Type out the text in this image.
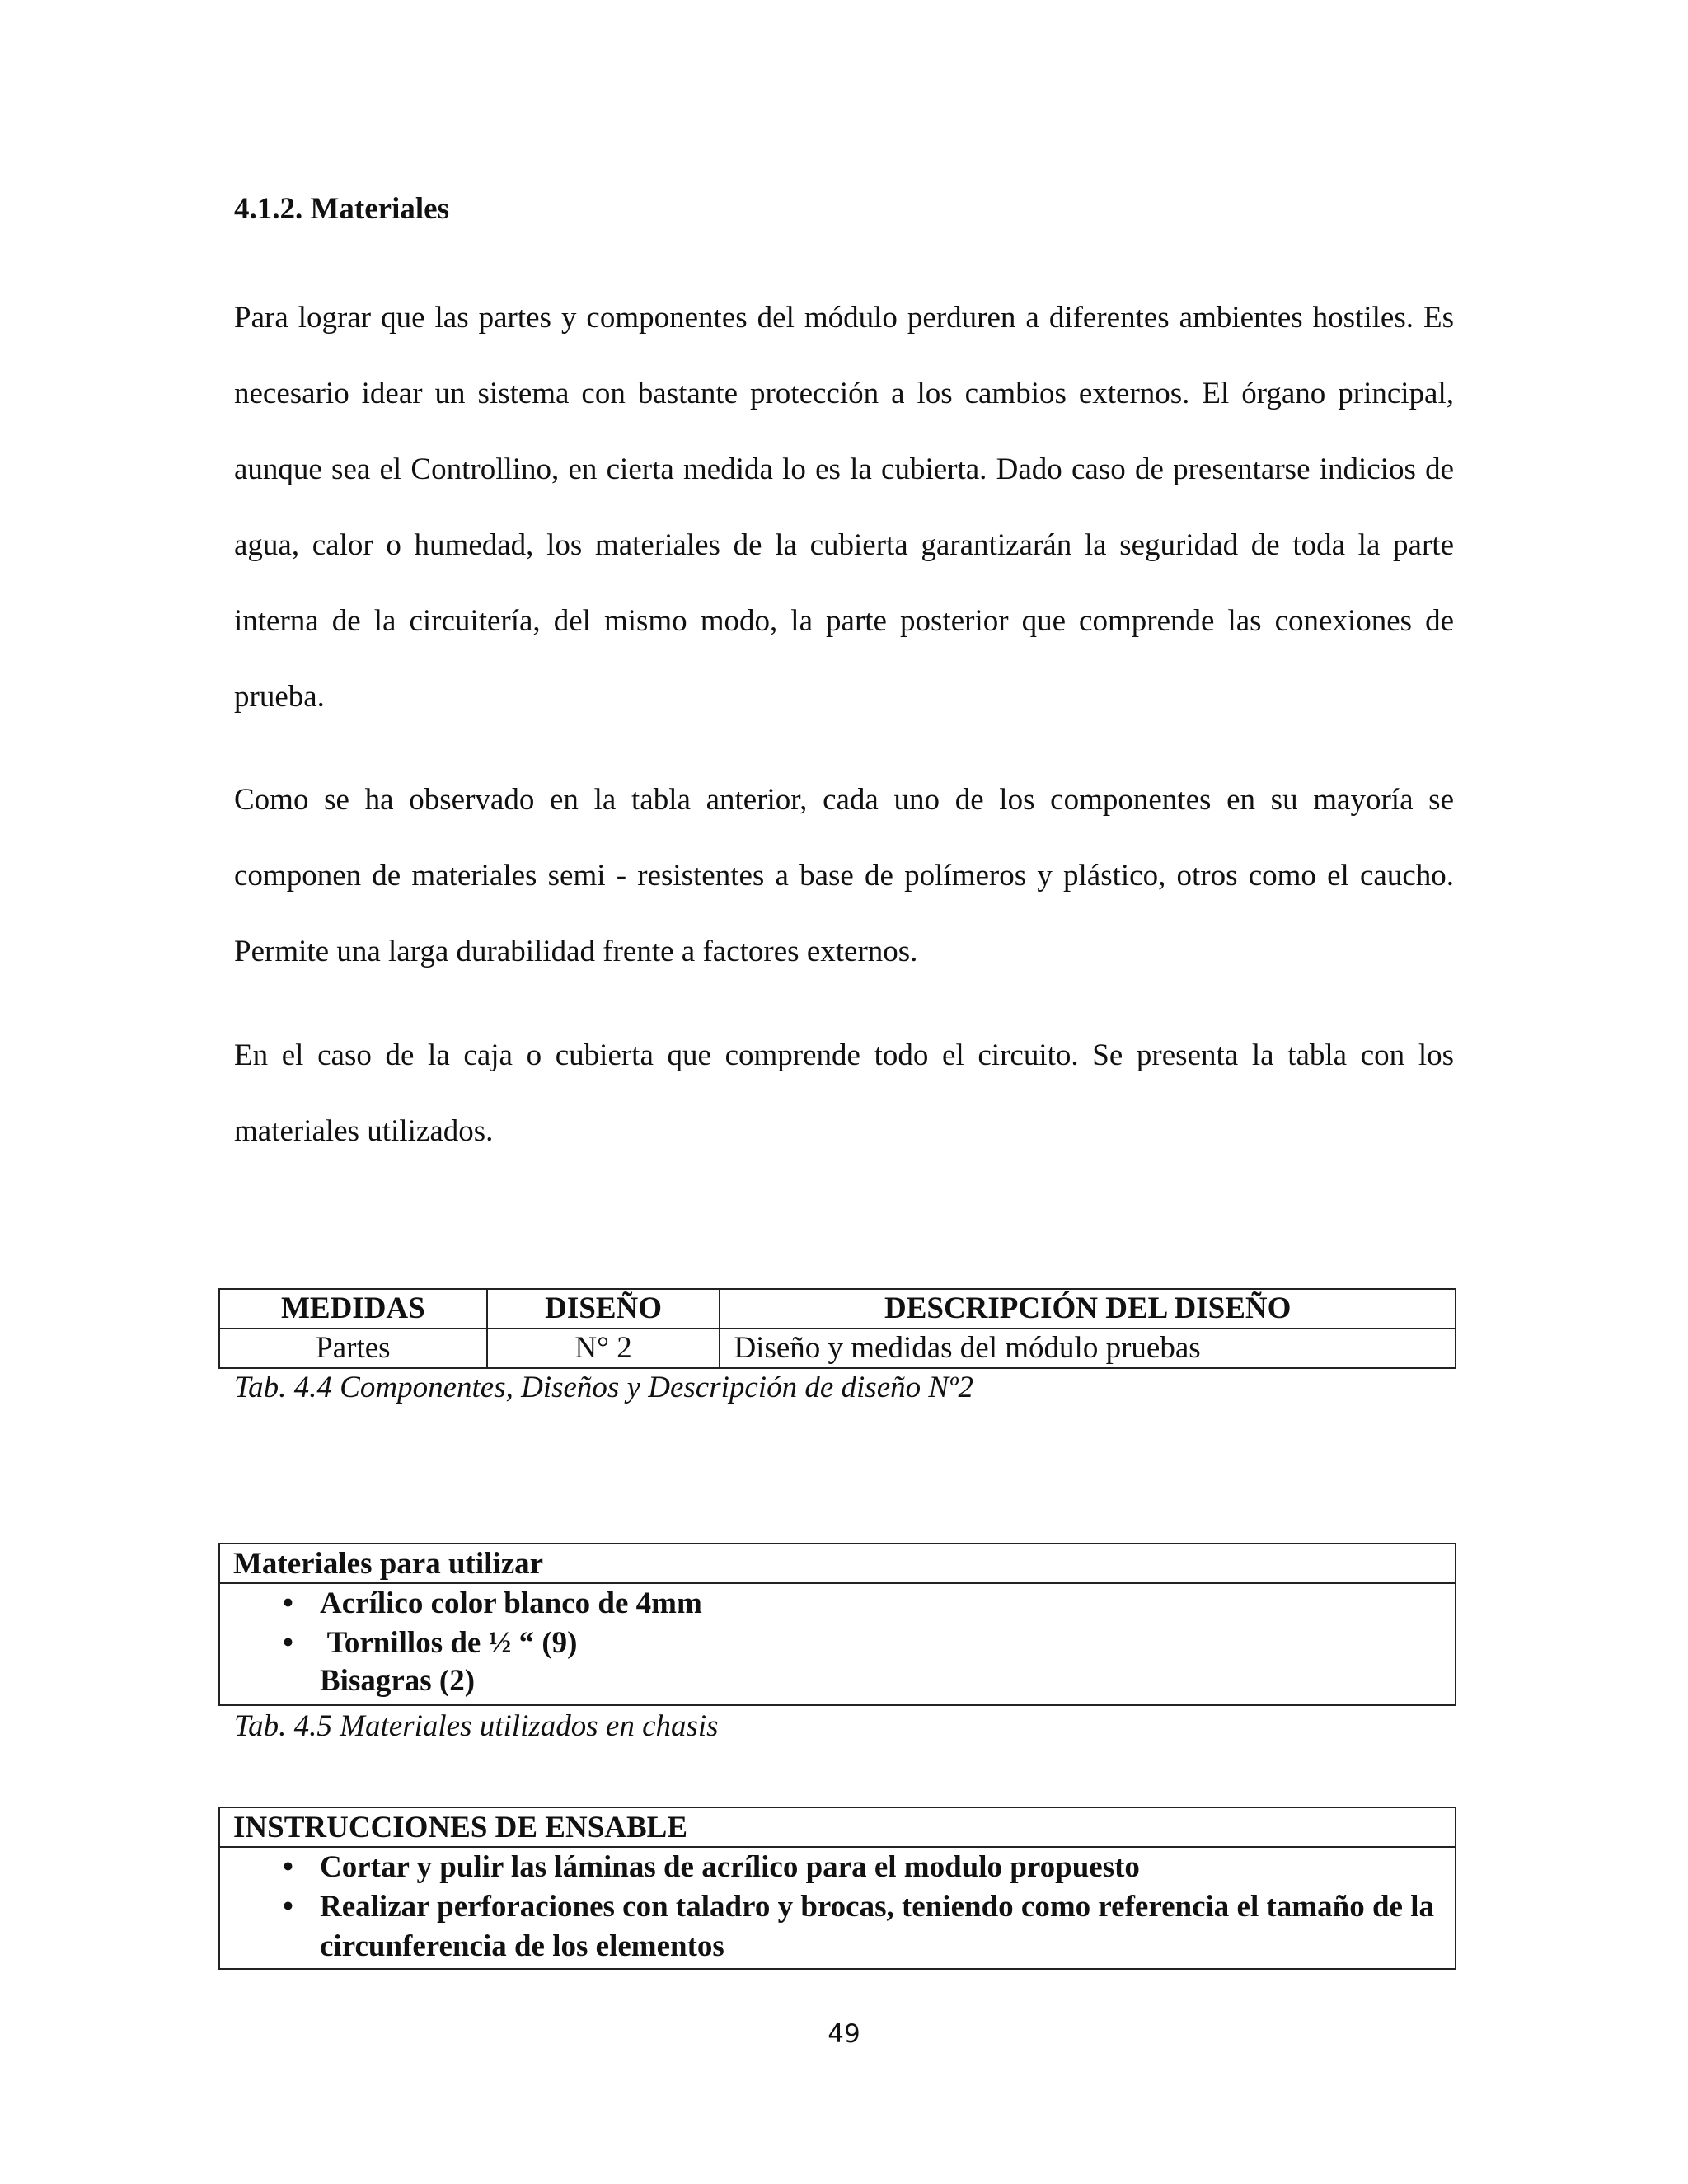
4.1.2. Materiales

Para lograr que las partes y componentes del módulo perduren a diferentes ambientes hostiles. Es necesario idear un sistema con bastante protección a los cambios externos. El órgano principal, aunque sea el Controllino, en cierta medida lo es la cubierta. Dado caso de presentarse indicios de agua, calor o humedad, los materiales de la cubierta garantizarán la seguridad de toda la parte interna de la circuitería, del mismo modo, la parte posterior que comprende las conexiones de prueba.

Como se ha observado en la tabla anterior, cada uno de los componentes en su mayoría se componen de materiales semi - resistentes a base de polímeros y plástico, otros como el caucho. Permite una larga durabilidad frente a factores externos.

En el caso de la caja o cubierta que comprende todo el circuito. Se presenta la tabla con los materiales utilizados.

MEDIDAS	DISEÑO	DESCRIPCIÓN DEL DISEÑO
Partes	N° 2	Diseño y medidas del módulo pruebas

Tab. 4.4 Componentes, Diseños y Descripción de diseño Nº2

Materiales para utilizar
• Acrílico color blanco de 4mm
• Tornillos de ½ “ (9)
Bisagras (2)

Tab. 4.5 Materiales utilizados en chasis

INSTRUCCIONES DE ENSABLE
• Cortar y pulir las láminas de acrílico para el modulo propuesto
• Realizar perforaciones con taladro y brocas, teniendo como referencia el tamaño de la circunferencia de los elementos
49
